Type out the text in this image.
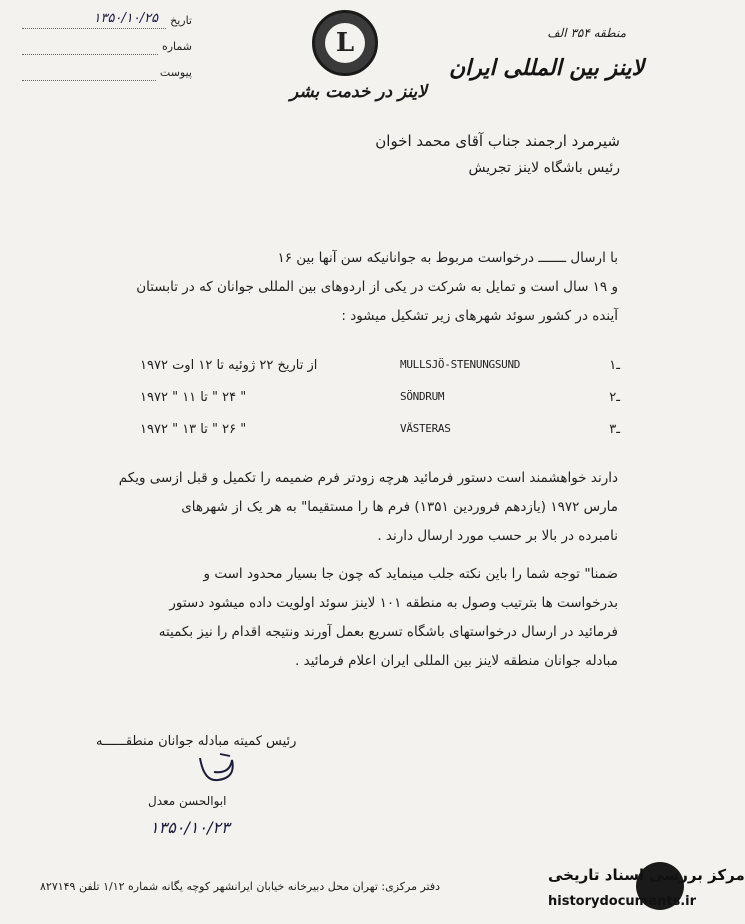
تاریخ
۱۳۵۰/۱۰/۲۵
شماره
پیوست
L
لاینز در خدمت بشر
منطقه ۳۵۴ الف
لاینز بین المللی ایران
شیرمرد ارجمند جناب آقای محمد اخوان
رئیس باشگاه لاینز تجریش
با ارسال ـــــــ درخواست مربوط به جوانانیکه سن آنها بین ۱۶
و ۱۹ سال است و تمایل به شرکت در یکی از اردوهای بین المللی جوانان که در تابستان
آینده در کشور سوئد شهرهای زیر تشکیل میشود :
ـ۱
MULLSJÖ-STENUNGSUND
از تاریخ ۲۲ ژوئیه تا ۱۲ اوت ۱۹۷۲
ـ۲
SÖNDRUM
" ۲۴ " تا ۱۱ " ۱۹۷۲
ـ۳
VÄSTERAS
" ۲۶ " تا ۱۳ " ۱۹۷۲
دارند خواهشمند است دستور فرمائید هرچه زودتر فرم ضمیمه را تکمیل و قبل ازسی ویکم
مارس ۱۹۷۲ (یازدهم فروردین ۱۳۵۱) فرم ها را مستقیما" به هر یک از شهرهای
نامبرده در بالا بر حسب مورد ارسال دارند .
ضمنا" توجه شما را باین نکته جلب مینماید که چون جا بسیار محدود است و
بدرخواست ها بترتیب وصول به منطقه ۱۰۱ لاینز سوئد اولویت داده میشود دستور
فرمائید در ارسال درخواستهای باشگاه تسریع بعمل آورند ونتیجه اقدام را نیز بکمیته
مبادله جوانان منطقه لاینز بین المللی ایران اعلام فرمائید .
رئیس کمیته مبادله جوانان منطقــــــه
ابوالحسن معدل
۱۳۵۰/۱۰/۲۳
دفتر مرکزی: تهران محل دبیرخانه خیابان ایرانشهر کوچه یگانه شماره ۱/۱۲ تلفن ۸۲۷۱۴۹
مرکز بررسی اسناد تاریخی
historydocuments.ir
